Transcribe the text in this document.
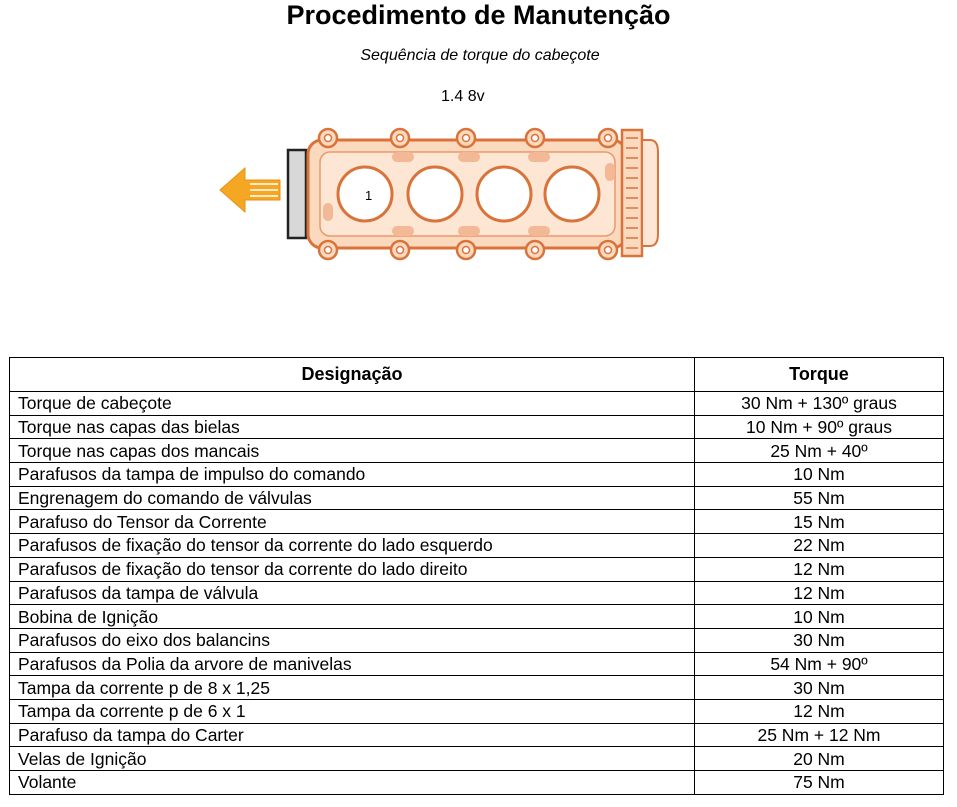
Procedimento de Manutenção
Sequência de torque do cabeçote
1.4 8v
1
Designação	Torque
Torque de cabeçote	30 Nm + 130º graus
Torque nas capas das bielas	10 Nm + 90º graus
Torque nas capas dos mancais	25 Nm + 40º
Parafusos da tampa de impulso do comando	10 Nm
Engrenagem do comando de válvulas	55 Nm
Parafuso do Tensor da Corrente	15 Nm
Parafusos de fixação do tensor da corrente do lado esquerdo	22 Nm
Parafusos de fixação do tensor da corrente do lado direito	12 Nm
Parafusos da tampa de válvula	12 Nm
Bobina de Ignição	10 Nm
Parafusos do eixo dos balancins	30 Nm
Parafusos da Polia da arvore de manivelas	54 Nm + 90º
Tampa da corrente p de 8 x 1,25	30 Nm
Tampa da corrente p de 6 x 1	12 Nm
Parafuso da tampa do Carter	25 Nm + 12 Nm
Velas de Ignição	20 Nm
Volante	75 Nm
